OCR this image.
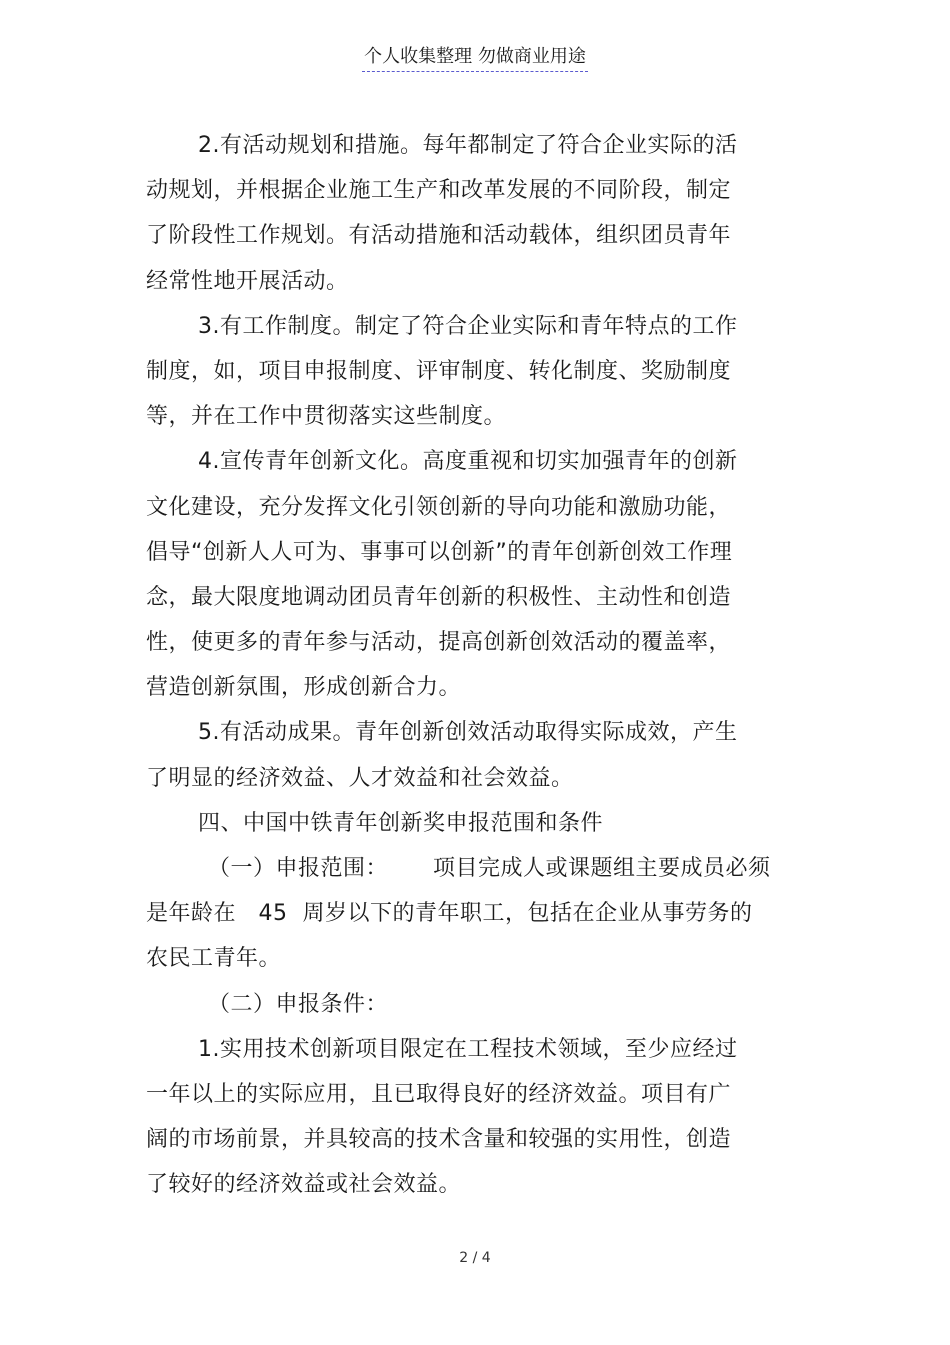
个人收集整理 勿做商业用途
2.有活动规划和措施。每年都制定了符合企业实际的活
动规划，并根据企业施工生产和改革发展的不同阶段，制定
了阶段性工作规划。有活动措施和活动载体，组织团员青年
经常性地开展活动。
3.有工作制度。制定了符合企业实际和青年特点的工作
制度，如，项目申报制度、评审制度、转化制度、奖励制度
等，并在工作中贯彻落实这些制度。
4.宣传青年创新文化。高度重视和切实加强青年的创新
文化建设，充分发挥文化引领创新的导向功能和激励功能，
倡导“创新人人可为、事事可以创新”的青年创新创效工作理
念，最大限度地调动团员青年创新的积极性、主动性和创造
性，使更多的青年参与活动，提高创新创效活动的覆盖率，
营造创新氛围，形成创新合力。
5.有活动成果。青年创新创效活动取得实际成效，产生
了明显的经济效益、人才效益和社会效益。
四、中国中铁青年创新奖申报范围和条件
（一）申报范围：      项目完成人或课题组主要成员必须
是年龄在   45  周岁以下的青年职工，包括在企业从事劳务的
农民工青年。
（二）申报条件：
1.实用技术创新项目限定在工程技术领域，至少应经过
一年以上的实际应用，且已取得良好的经济效益。项目有广
阔的市场前景，并具较高的技术含量和较强的实用性，创造
了较好的经济效益或社会效益。
2 / 4
